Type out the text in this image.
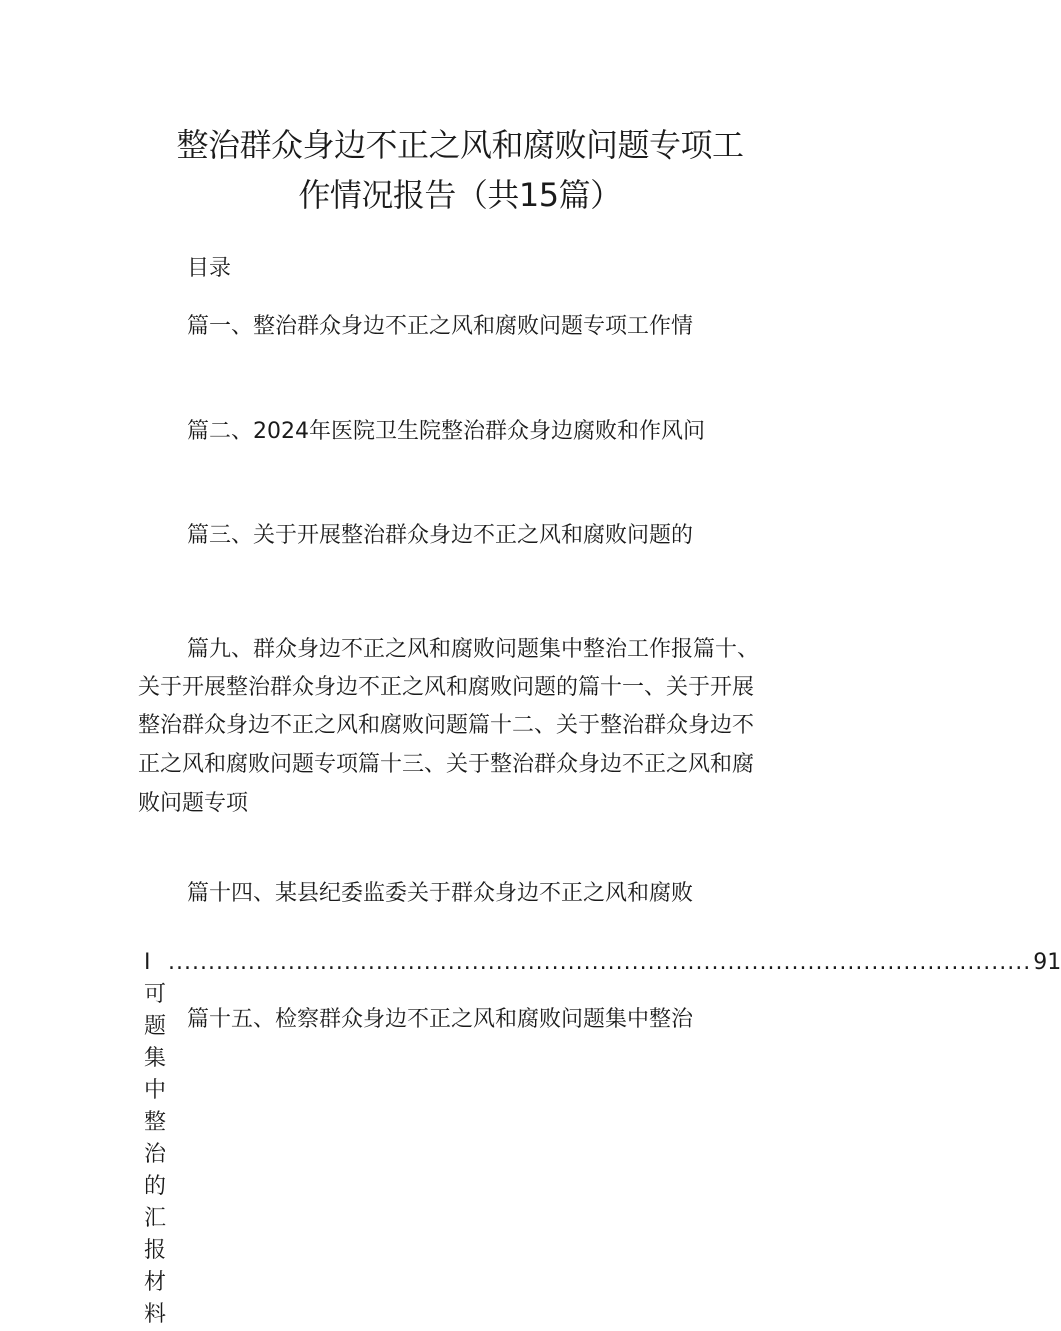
整治群众身边不正之风和腐败问题专项工
作情况报告（共15篇）
目录
篇一、整治群众身边不正之风和腐败问题专项工作情
篇二、2024年医院卫生院整治群众身边腐败和作风问
篇三、关于开展整治群众身边不正之风和腐败问题的
篇九、群众身边不正之风和腐败问题集中整治工作报篇十、
关于开展整治群众身边不正之风和腐败问题的篇十一、关于开展
整治群众身边不正之风和腐败问题篇十二、关于整治群众身边不
正之风和腐败问题专项篇十三、关于整治群众身边不正之风和腐
败问题专项
篇十四、某县纪委监委关于群众身边不正之风和腐败
I可题集中整治的汇报材料
............................................................................................................ 91
篇十五、检察群众身边不正之风和腐败问题集中整治
